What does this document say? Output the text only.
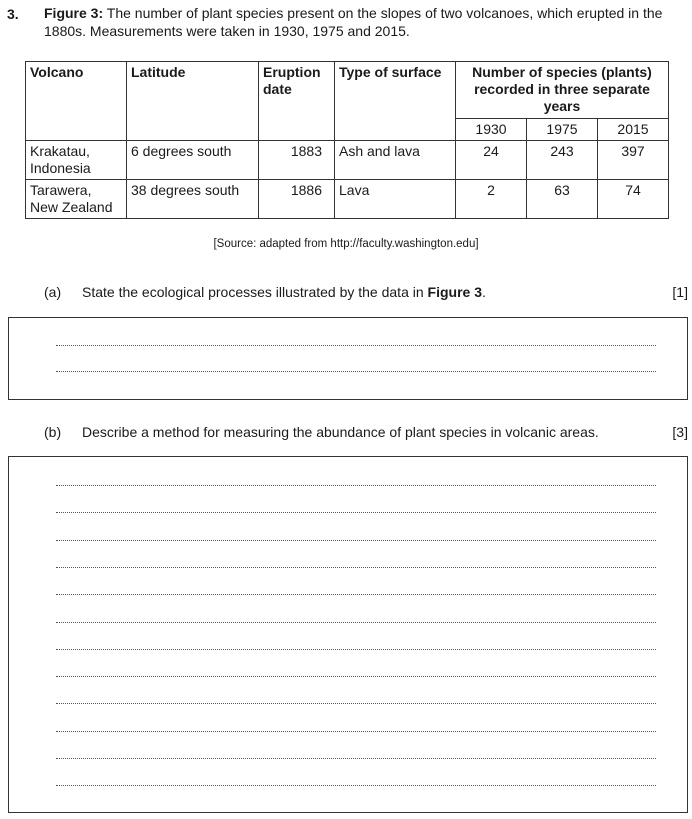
3. Figure 3: The number of plant species present on the slopes of two volcanoes, which erupted in the 1880s. Measurements were taken in 1930, 1975 and 2015.
Volcano	Latitude	Eruption date	Type of surface	Number of species (plants) recorded in three separate years		
				1930	1975	2015
Krakatau, Indonesia	6 degrees south	1883	Ash and lava	24	243	397
Tarawera, New Zealand	38 degrees south	1886	Lava	2	63	74
[Source: adapted from http://faculty.washington.edu]
(a) State the ecological processes illustrated by the data in Figure 3.	[1]
(b) Describe a method for measuring the abundance of plant species in volcanic areas.	[3]
